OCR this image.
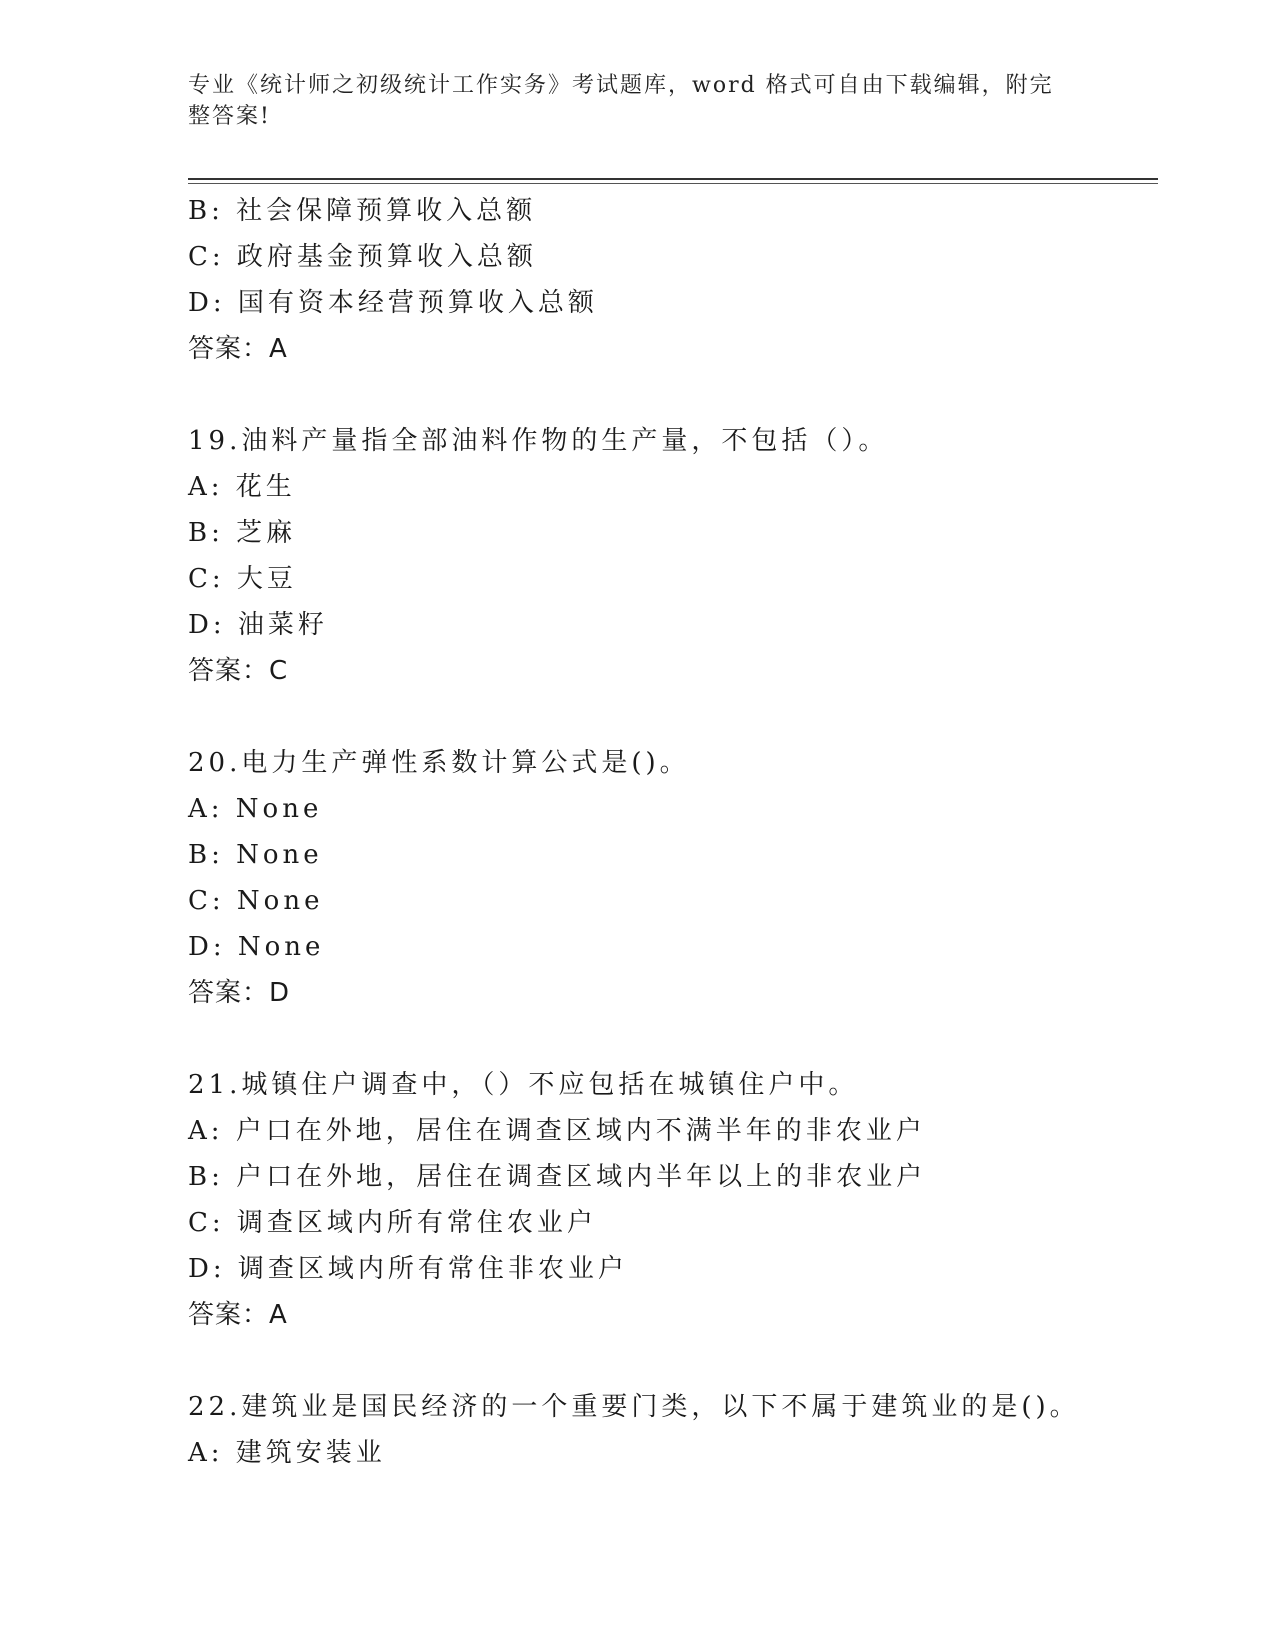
专业《统计师之初级统计工作实务》考试题库，word 格式可自由下载编辑，附完
整答案!
B: 社会保障预算收入总额
C: 政府基金预算收入总额
D: 国有资本经营预算收入总额
答案：A
19.油料产量指全部油料作物的生产量，不包括（）。
A: 花生
B: 芝麻
C: 大豆
D: 油菜籽
答案：C
20.电力生产弹性系数计算公式是()。
A: None
B: None
C: None
D: None
答案：D
21.城镇住户调查中，（）不应包括在城镇住户中。
A: 户口在外地，居住在调查区域内不满半年的非农业户
B: 户口在外地，居住在调查区域内半年以上的非农业户
C: 调查区域内所有常住农业户
D: 调查区域内所有常住非农业户
答案：A
22.建筑业是国民经济的一个重要门类，以下不属于建筑业的是()。
A: 建筑安装业
